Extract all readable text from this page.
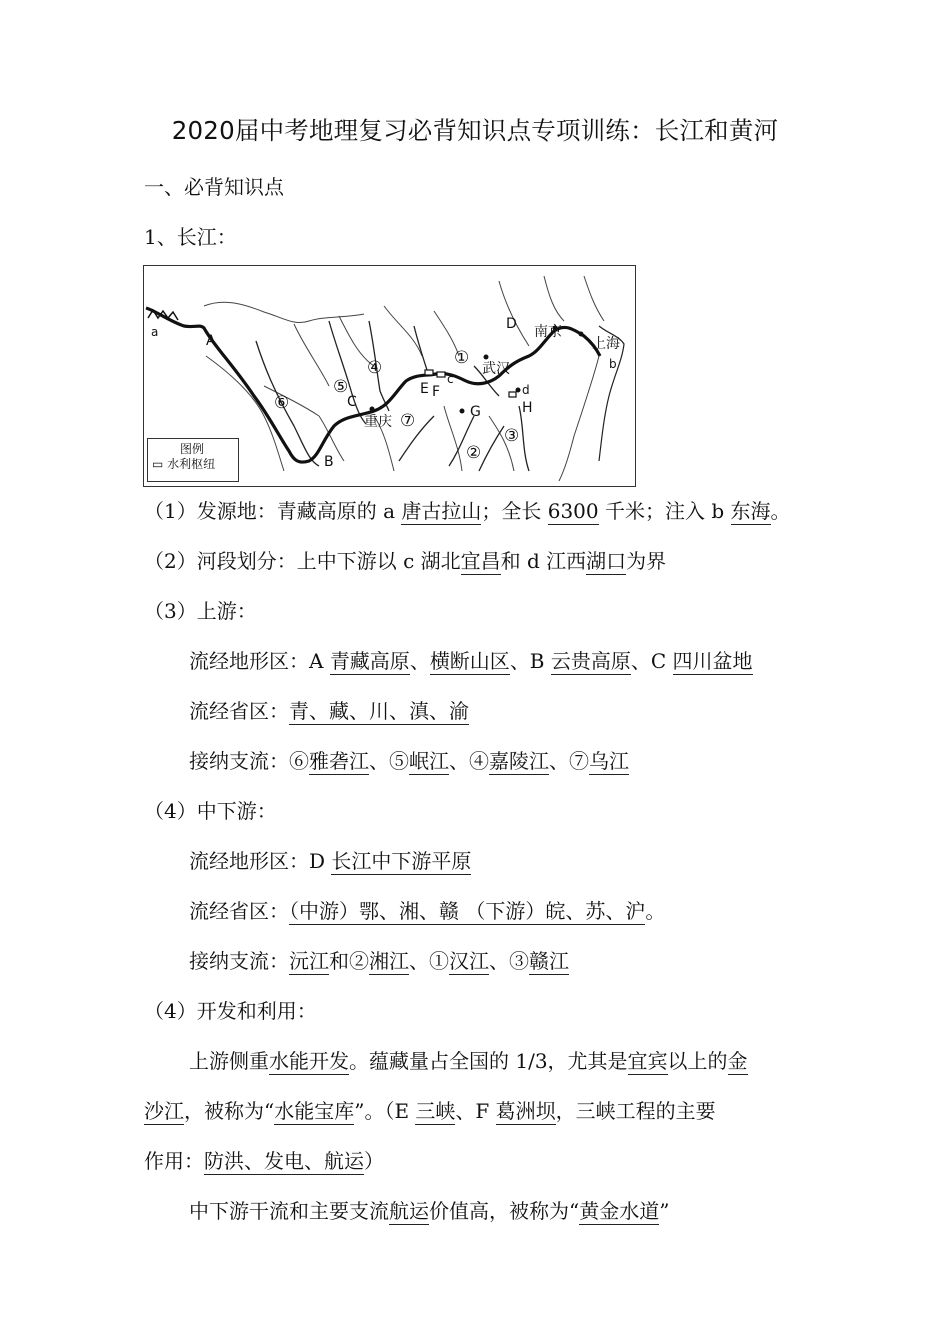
2020届中考地理复习必背知识点专项训练：长江和黄河
一、必背知识点
1、长江：
A
B
C
D
E F
G	H
a
b
c
d
①
②
③
④
⑤
⑥
⑦
南京
上海
武汉
重庆
图例
▭ 水利枢纽
（1）发源地：青藏高原的 a 唐古拉山；全长 6300 千米；注入 b 东海。
（2）河段划分：上中下游以 c 湖北宜昌和 d 江西湖口为界
（3）上游：
流经地形区：A 青藏高原、横断山区、B 云贵高原、C 四川盆地
流经省区：青、藏、川、滇、渝
接纳支流：⑥雅砻江、⑤岷江、④嘉陵江、⑦乌江
（4）中下游：
流经地形区：D 长江中下游平原
流经省区：（中游）鄂、湘、赣 （下游）皖、苏、沪。
接纳支流：沅江和②湘江、①汉江、③赣江
（4）开发和利用：
上游侧重水能开发。蕴藏量占全国的 1/3，尤其是宜宾以上的金
沙江，被称为“水能宝库”。（E 三峡、F 葛洲坝，三峡工程的主要
作用：防洪、发电、航运）
中下游干流和主要支流航运价值高，被称为“黄金水道”
